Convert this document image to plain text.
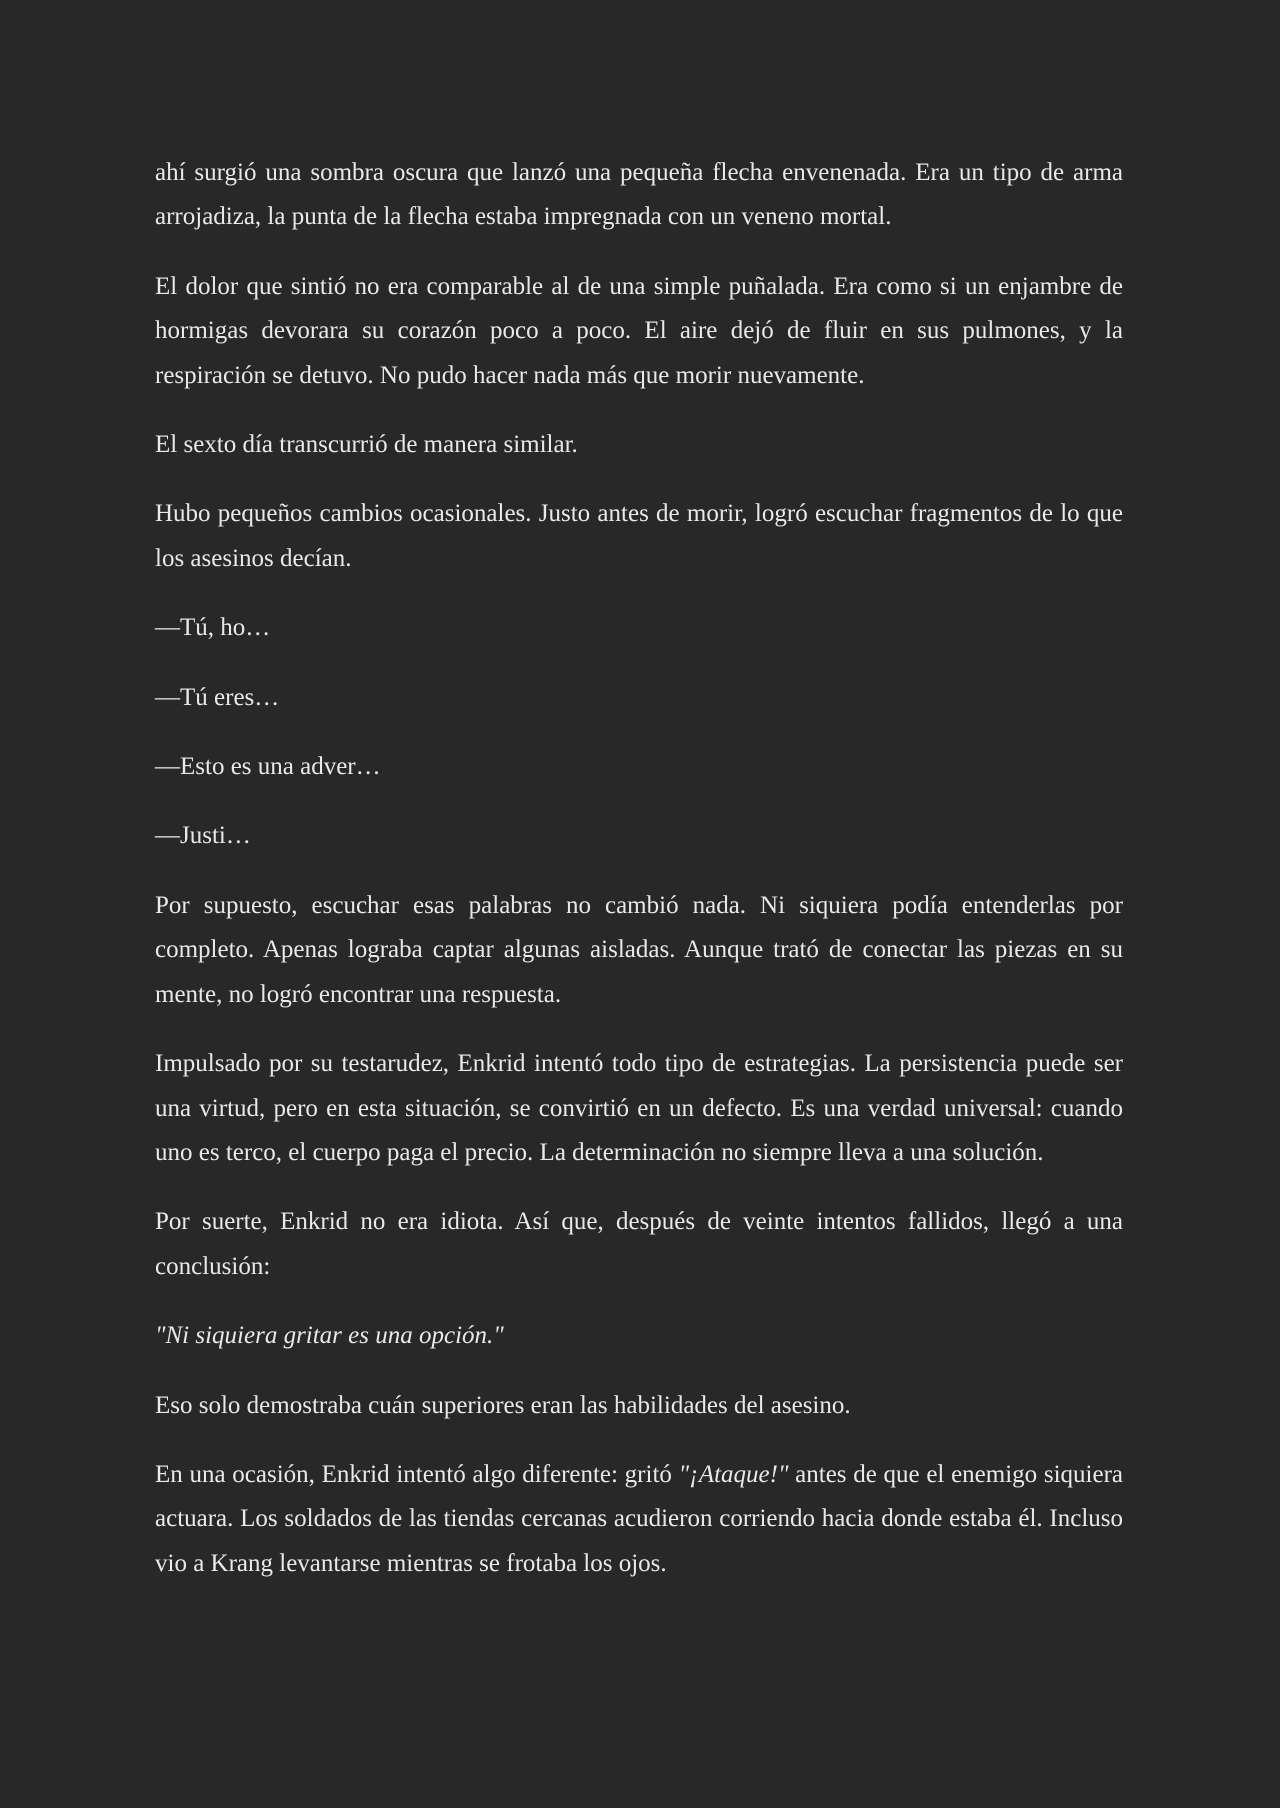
ahí surgió una sombra oscura que lanzó una pequeña flecha envenenada. Era un tipo de arma arrojadiza, la punta de la flecha estaba impregnada con un veneno mortal.

El dolor que sintió no era comparable al de una simple puñalada. Era como si un enjambre de hormigas devorara su corazón poco a poco. El aire dejó de fluir en sus pulmones, y la respiración se detuvo. No pudo hacer nada más que morir nuevamente.

El sexto día transcurrió de manera similar.

Hubo pequeños cambios ocasionales. Justo antes de morir, logró escuchar fragmentos de lo que los asesinos decían.

—Tú, ho…

—Tú eres…

—Esto es una adver…

—Justi…

Por supuesto, escuchar esas palabras no cambió nada. Ni siquiera podía entenderlas por completo. Apenas lograba captar algunas aisladas. Aunque trató de conectar las piezas en su mente, no logró encontrar una respuesta.

Impulsado por su testarudez, Enkrid intentó todo tipo de estrategias. La persistencia puede ser una virtud, pero en esta situación, se convirtió en un defecto. Es una verdad universal: cuando uno es terco, el cuerpo paga el precio. La determinación no siempre lleva a una solución.

Por suerte, Enkrid no era idiota. Así que, después de veinte intentos fallidos, llegó a una conclusión:

"Ni siquiera gritar es una opción."

Eso solo demostraba cuán superiores eran las habilidades del asesino.

En una ocasión, Enkrid intentó algo diferente: gritó "¡Ataque!" antes de que el enemigo siquiera actuara. Los soldados de las tiendas cercanas acudieron corriendo hacia donde estaba él. Incluso vio a Krang levantarse mientras se frotaba los ojos.
